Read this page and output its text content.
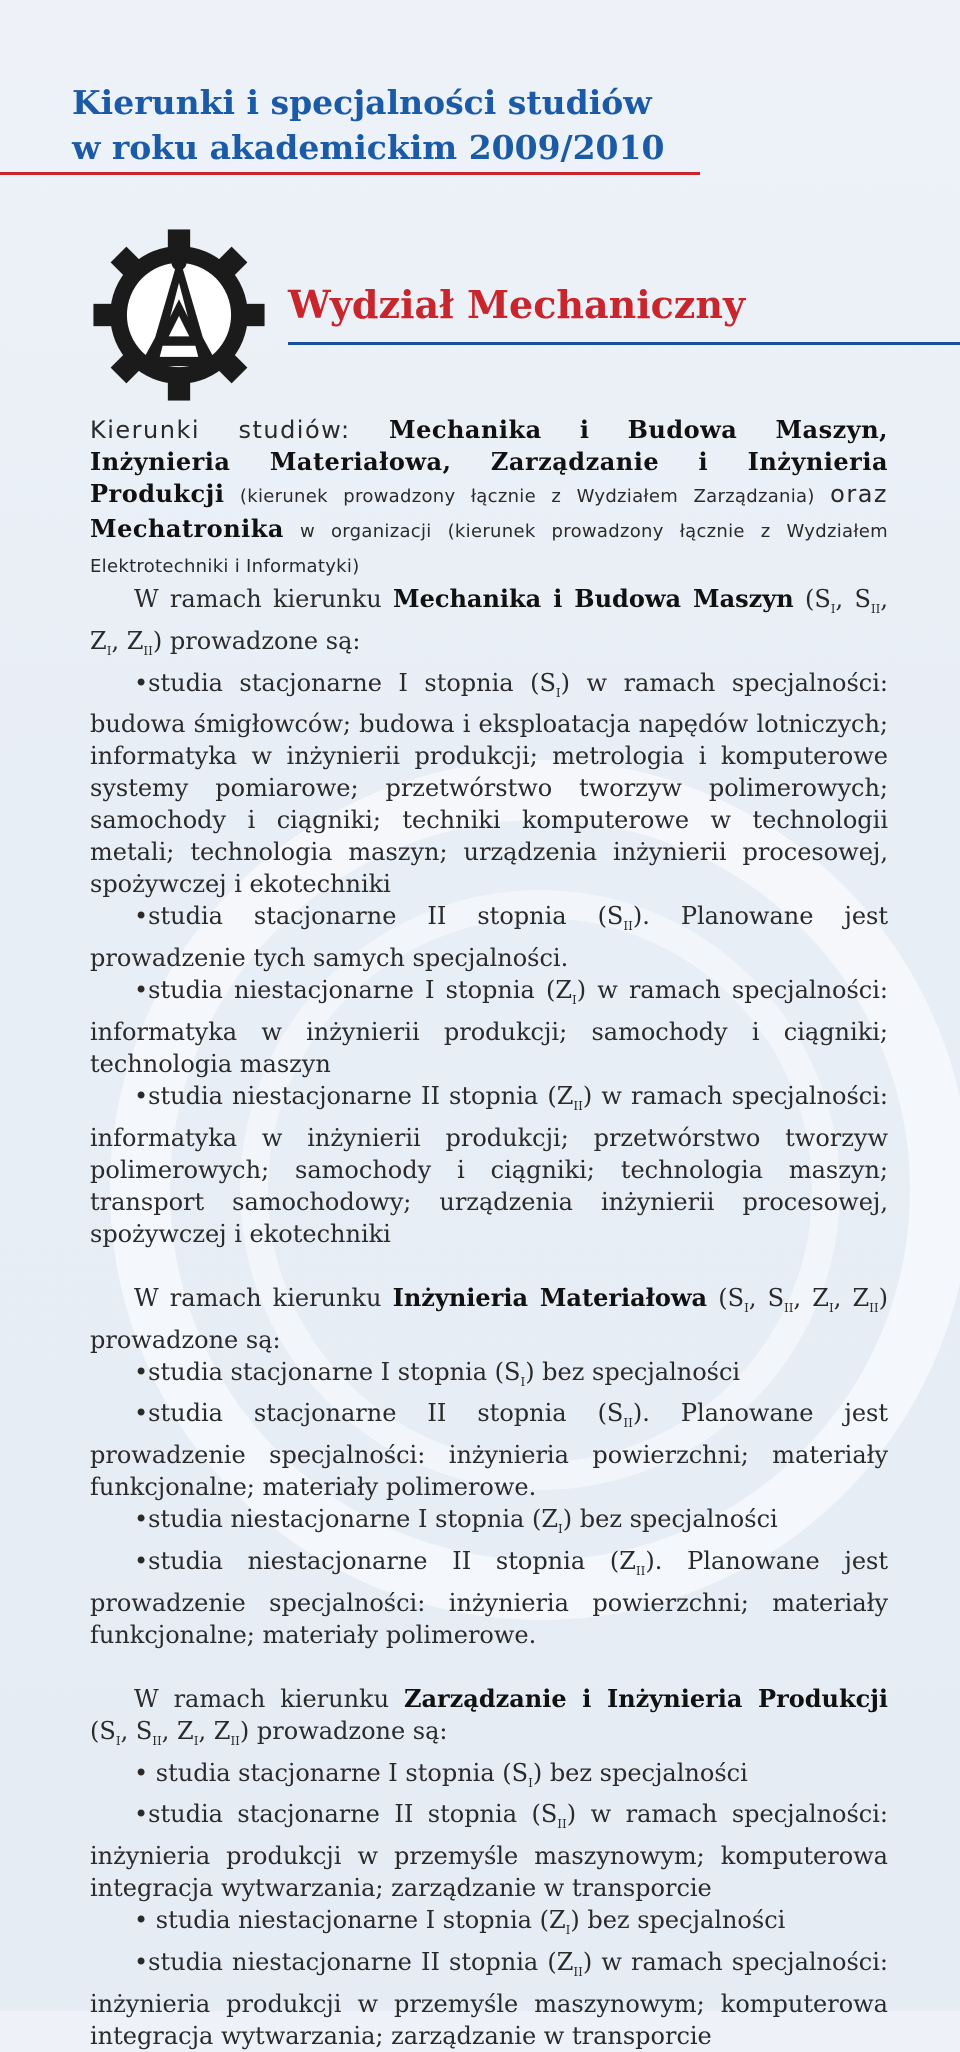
Kierunki i specjalności studiów
w roku akademickim 2009/2010
Wydział Mechaniczny

Kierunki studiów: Mechanika i Budowa Maszyn, Inżynieria Materiałowa, Zarządzanie i Inżynieria Produkcji (kierunek prowadzony łącznie z Wydziałem Zarządzania) oraz Mechatronika w organizacji (kierunek prowadzony łącznie z Wydziałem Elektrotechniki i Informatyki)

W ramach kierunku Mechanika i Budowa Maszyn ($S_I$, $S_{II}$, $Z_I$, $Z_{II}$) prowadzone są:

•studia stacjonarne I stopnia $(S_I)$ w ramach specjalności: budowa śmigłowców; budowa i eksploatacja napędów lotniczych; informatyka w inżynierii produkcji; metrologia i komputerowe systemy pomiarowe; przetwórstwo tworzyw polimerowych; samochody i ciągniki; techniki komputerowe w technologii metali; technologia maszyn; urządzenia inżynierii procesowej, spożywczej i ekotechniki

•studia stacjonarne II stopnia $(S_{II})$. Planowane jest prowadzenie tych samych specjalności.

•studia niestacjonarne I stopnia $(Z_I)$ w ramach specjalności: informatyka w inżynierii produkcji; samochody i ciągniki; technologia maszyn

•studia niestacjonarne II stopnia $(Z_{II})$ w ramach specjalności: informatyka w inżynierii produkcji; przetwórstwo tworzyw polimerowych; samochody i ciągniki; technologia maszyn; transport samochodowy; urządzenia inżynierii procesowej, spożywczej i ekotechniki

W ramach kierunku Inżynieria Materiałowa ($S_I$, $S_{II}$, $Z_I$, $Z_{II}$) prowadzone są:

•studia stacjonarne I stopnia $(S_I)$ bez specjalności

•studia stacjonarne II stopnia $(S_{II})$. Planowane jest prowadzenie specjalności: inżynieria powierzchni; materiały funkcjonalne; materiały polimerowe.

•studia niestacjonarne I stopnia $(Z_I)$ bez specjalności

•studia niestacjonarne II stopnia $(Z_{II})$. Planowane jest prowadzenie specjalności: inżynieria powierzchni; materiały funkcjonalne; materiały polimerowe.

W ramach kierunku Zarządzanie i Inżynieria Produkcji ($S_I$, $S_{II}$, $Z_I$, $Z_{II}$) prowadzone są:

• studia stacjonarne I stopnia $(S_I)$ bez specjalności

•studia stacjonarne II stopnia $(S_{II})$ w ramach specjalności: inżynieria produkcji w przemyśle maszynowym; komputerowa integracja wytwarzania; zarządzanie w transporcie

• studia niestacjonarne I stopnia $(Z_I)$ bez specjalności

•studia niestacjonarne II stopnia $(Z_{II})$ w ramach specjalności: inżynieria produkcji w przemyśle maszynowym; komputerowa integracja wytwarzania; zarządzanie w transporcie
